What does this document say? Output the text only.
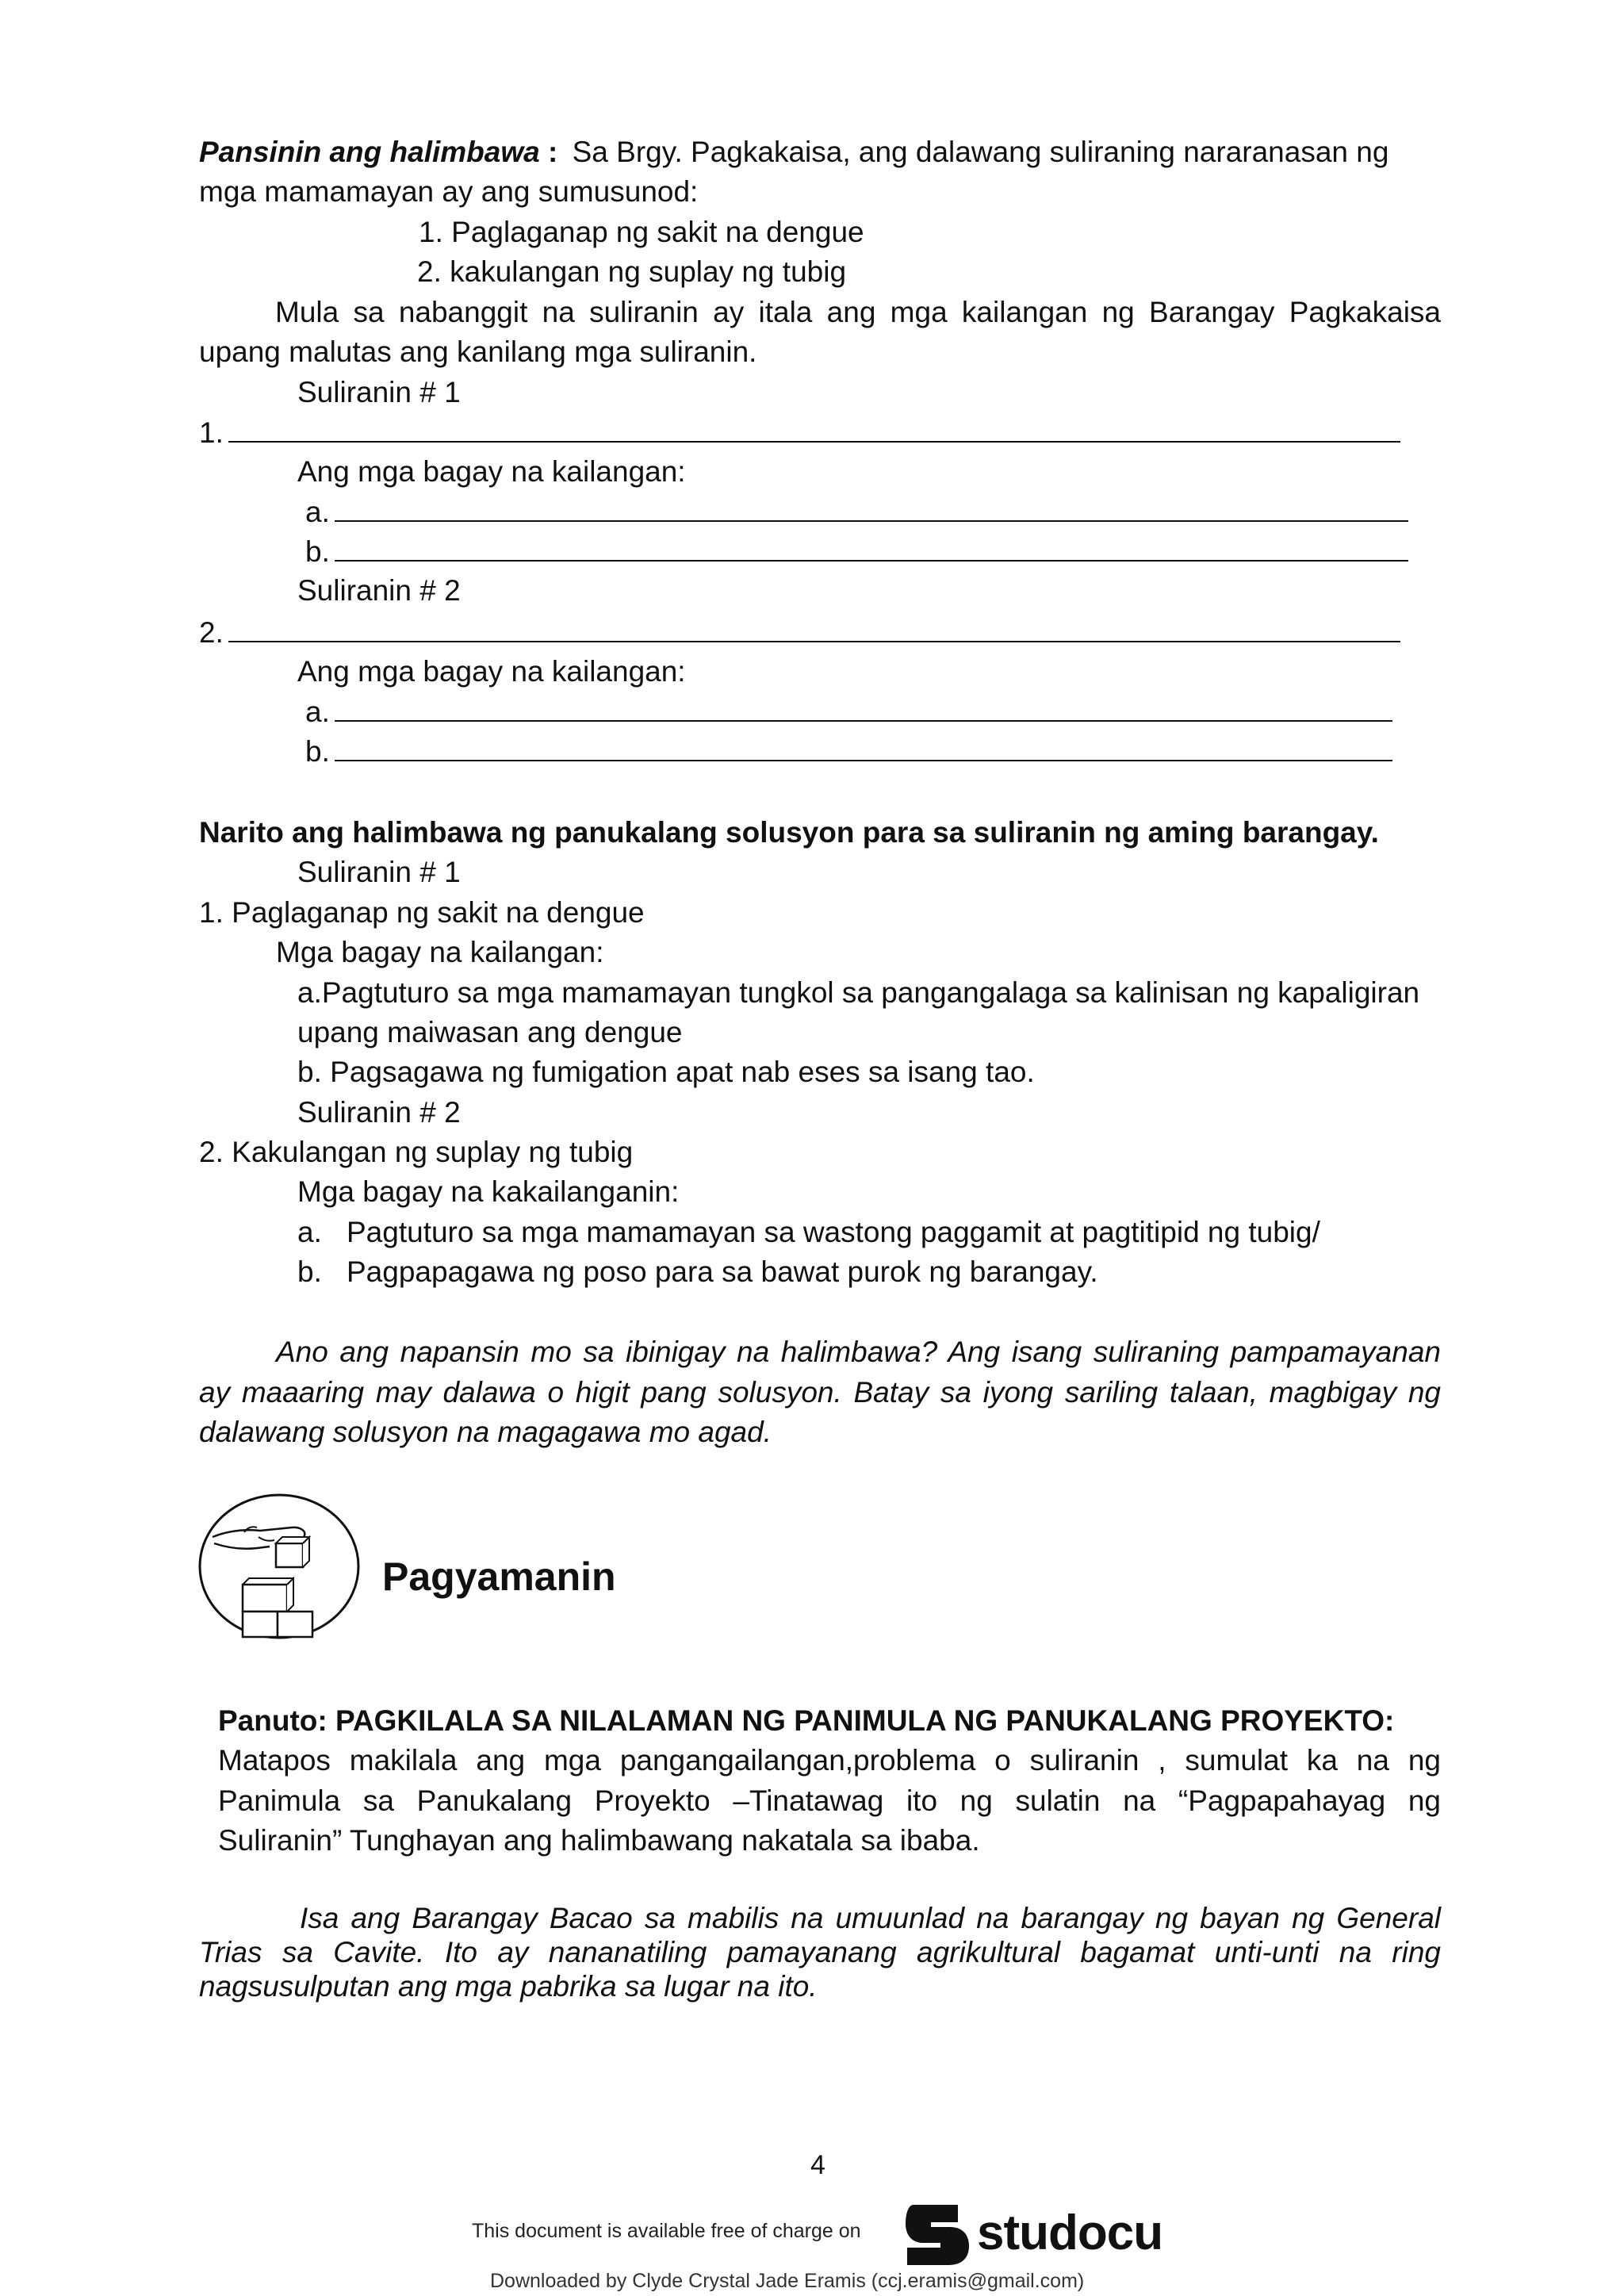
Pansinin ang halimbawa : Sa Brgy. Pagkakaisa, ang dalawang suliraning nararanasan ng
mga mamamayan ay ang sumusunod:
1. Paglaganap ng sakit na dengue
2. kakulangan ng suplay ng tubig
Mula sa nabanggit na suliranin ay itala ang mga kailangan ng Barangay Pagkakaisa
upang malutas ang kanilang mga suliranin.
Suliranin # 1
1.
Ang mga bagay na kailangan:
a.
b.
Suliranin # 2
2.
Ang mga bagay na kailangan:
a.
b.
Narito ang halimbawa ng panukalang solusyon para sa suliranin ng aming barangay.
Suliranin # 1
1. Paglaganap ng sakit na dengue
Mga bagay na kailangan:
a.Pagtuturo sa mga mamamayan tungkol sa pangangalaga sa kalinisan ng kapaligiran
upang maiwasan ang dengue
b. Pagsagawa ng fumigation apat nab eses sa isang tao.
Suliranin # 2
2. Kakulangan ng suplay ng tubig
Mga bagay na kakailanganin:
a. Pagtuturo sa mga mamamayan sa wastong paggamit at pagtitipid ng tubig/
b. Pagpapagawa ng poso para sa bawat purok ng barangay.
Ano ang napansin mo sa ibinigay na halimbawa? Ang isang suliraning pampamayanan
ay maaaring may dalawa o higit pang solusyon. Batay sa iyong sariling talaan, magbigay ng
dalawang solusyon na magagawa mo agad.
Pagyamanin
Panuto: PAGKILALA SA NILALAMAN NG PANIMULA NG PANUKALANG PROYEKTO:
Matapos makilala ang mga pangangailangan,problema o suliranin , sumulat ka na ng
Panimula sa Panukalang Proyekto –Tinatawag ito ng sulatin na “Pagpapahayag ng
Suliranin” Tunghayan ang halimbawang nakatala sa ibaba.
Isa ang Barangay Bacao sa mabilis na umuunlad na barangay ng bayan ng General
Trias sa Cavite. Ito ay nananatiling pamayanang agrikultural bagamat unti-unti na ring
nagsusulputan ang mga pabrika sa lugar na ito.
4
This document is available free of charge on studocu
Downloaded by Clyde Crystal Jade Eramis (ccj.eramis@gmail.com)
